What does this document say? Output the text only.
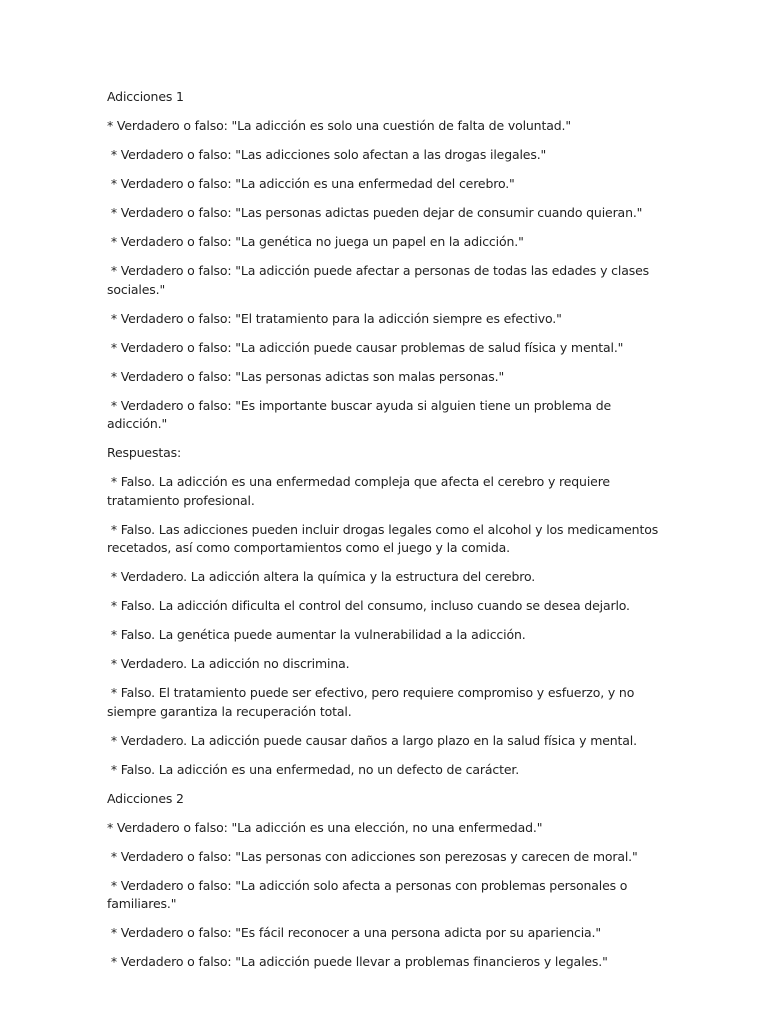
Adicciones 1
* Verdadero o falso: "La adicción es solo una cuestión de falta de voluntad."
* Verdadero o falso: "Las adicciones solo afectan a las drogas ilegales."
* Verdadero o falso: "La adicción es una enfermedad del cerebro."
* Verdadero o falso: "Las personas adictas pueden dejar de consumir cuando quieran."
* Verdadero o falso: "La genética no juega un papel en la adicción."
* Verdadero o falso: "La adicción puede afectar a personas de todas las edades y clases sociales."
* Verdadero o falso: "El tratamiento para la adicción siempre es efectivo."
* Verdadero o falso: "La adicción puede causar problemas de salud física y mental."
* Verdadero o falso: "Las personas adictas son malas personas."
* Verdadero o falso: "Es importante buscar ayuda si alguien tiene un problema de adicción."
Respuestas:
* Falso. La adicción es una enfermedad compleja que afecta el cerebro y requiere tratamiento profesional.
* Falso. Las adicciones pueden incluir drogas legales como el alcohol y los medicamentos recetados, así como comportamientos como el juego y la comida.
* Verdadero. La adicción altera la química y la estructura del cerebro.
* Falso. La adicción dificulta el control del consumo, incluso cuando se desea dejarlo.
* Falso. La genética puede aumentar la vulnerabilidad a la adicción.
* Verdadero. La adicción no discrimina.
* Falso. El tratamiento puede ser efectivo, pero requiere compromiso y esfuerzo, y no siempre garantiza la recuperación total.
* Verdadero. La adicción puede causar daños a largo plazo en la salud física y mental.
* Falso. La adicción es una enfermedad, no un defecto de carácter.
Adicciones 2
* Verdadero o falso: "La adicción es una elección, no una enfermedad."
* Verdadero o falso: "Las personas con adicciones son perezosas y carecen de moral."
* Verdadero o falso: "La adicción solo afecta a personas con problemas personales o familiares."
* Verdadero o falso: "Es fácil reconocer a una persona adicta por su apariencia."
* Verdadero o falso: "La adicción puede llevar a problemas financieros y legales."
